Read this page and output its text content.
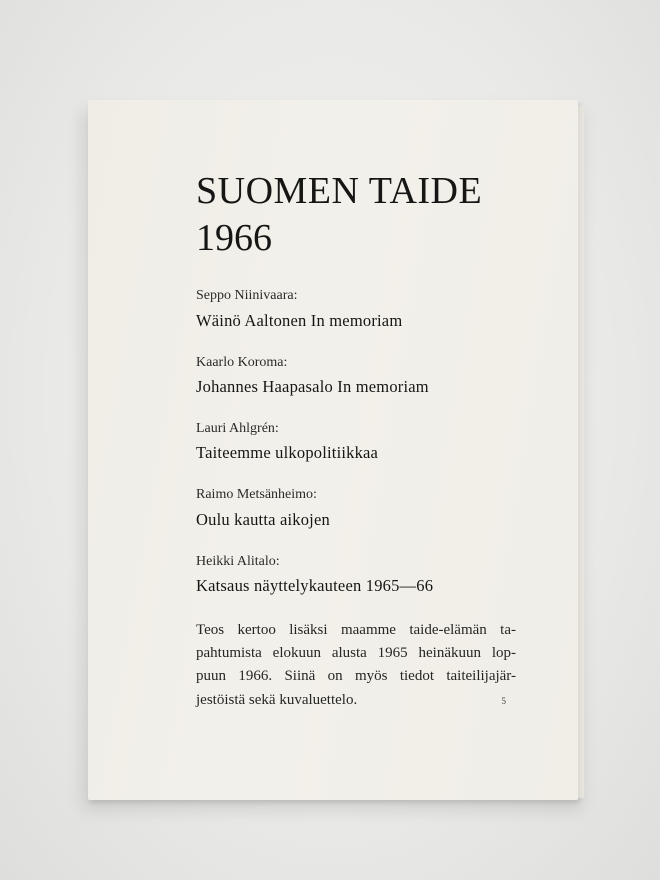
SUOMEN TAIDE
1966
Seppo Niinivaara:
Wäinö Aaltonen In memoriam
Kaarlo Koroma:
Johannes Haapasalo In memoriam
Lauri Ahlgrén:
Taiteemme ulkopolitiikkaa
Raimo Metsänheimo:
Oulu kautta aikojen
Heikki Alitalo:
Katsaus näyttelykauteen 1965—66
Teos kertoo lisäksi maamme taide-elämän ta-
pahtumista elokuun alusta 1965 heinäkuun lop-
puun 1966. Siinä on myös tiedot taiteilijajär-
jestöistä sekä kuvaluettelo.	5
